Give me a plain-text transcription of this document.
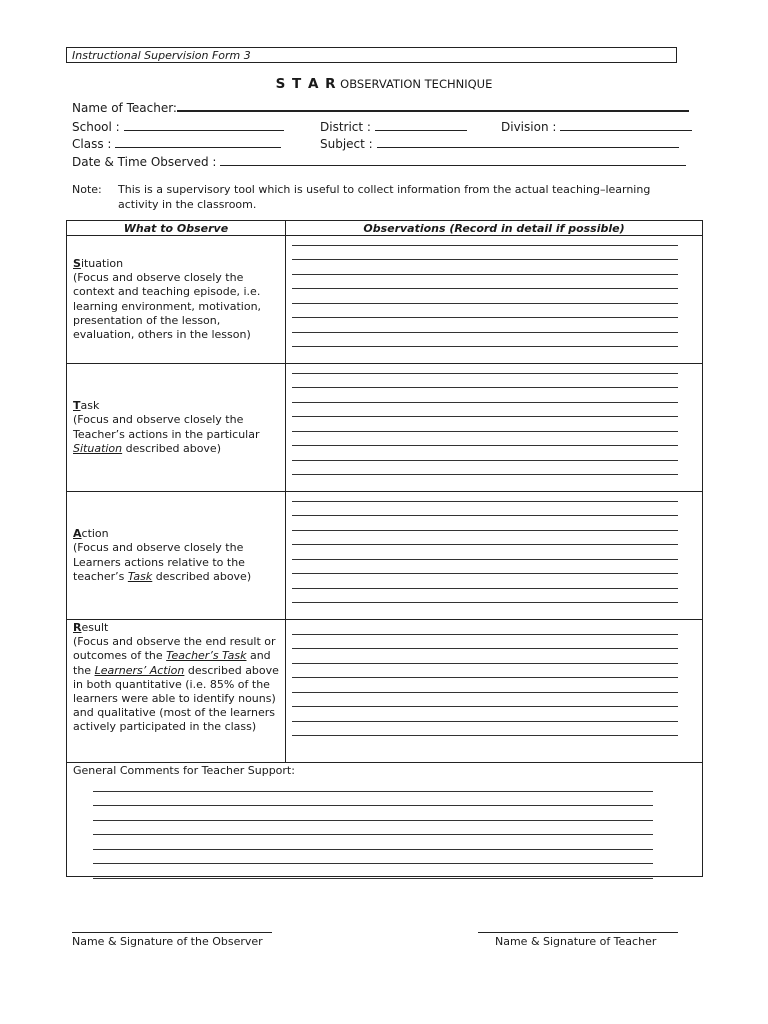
Instructional Supervision Form 3
S T A R OBSERVATION TECHNIQUE
Name of Teacher:
School :	District :	Division :
Class :	Subject :
Date & Time Observed :
Note: This is a supervisory tool which is useful to collect information from the actual teaching–learning activity in the classroom.
What to Observe	Observations (Record in detail if possible)

Situation
(Focus and observe closely the context and teaching episode, i.e. learning environment, motivation, presentation of the lesson, evaluation, others in the lesson)	

Task
(Focus and observe closely the Teacher’s actions in the particular Situation described above)	

Action
(Focus and observe closely the Learners actions relative to the teacher’s Task described above)	

Result
(Focus and observe the end result or outcomes of the Teacher’s Task and the Learners’ Action described above in both quantitative (i.e. 85% of the learners were able to identify nouns) and qualitative (most of the learners actively participated in the class)	

General Comments for Teacher Support:
Name & Signature of the Observer	Name & Signature of Teacher
